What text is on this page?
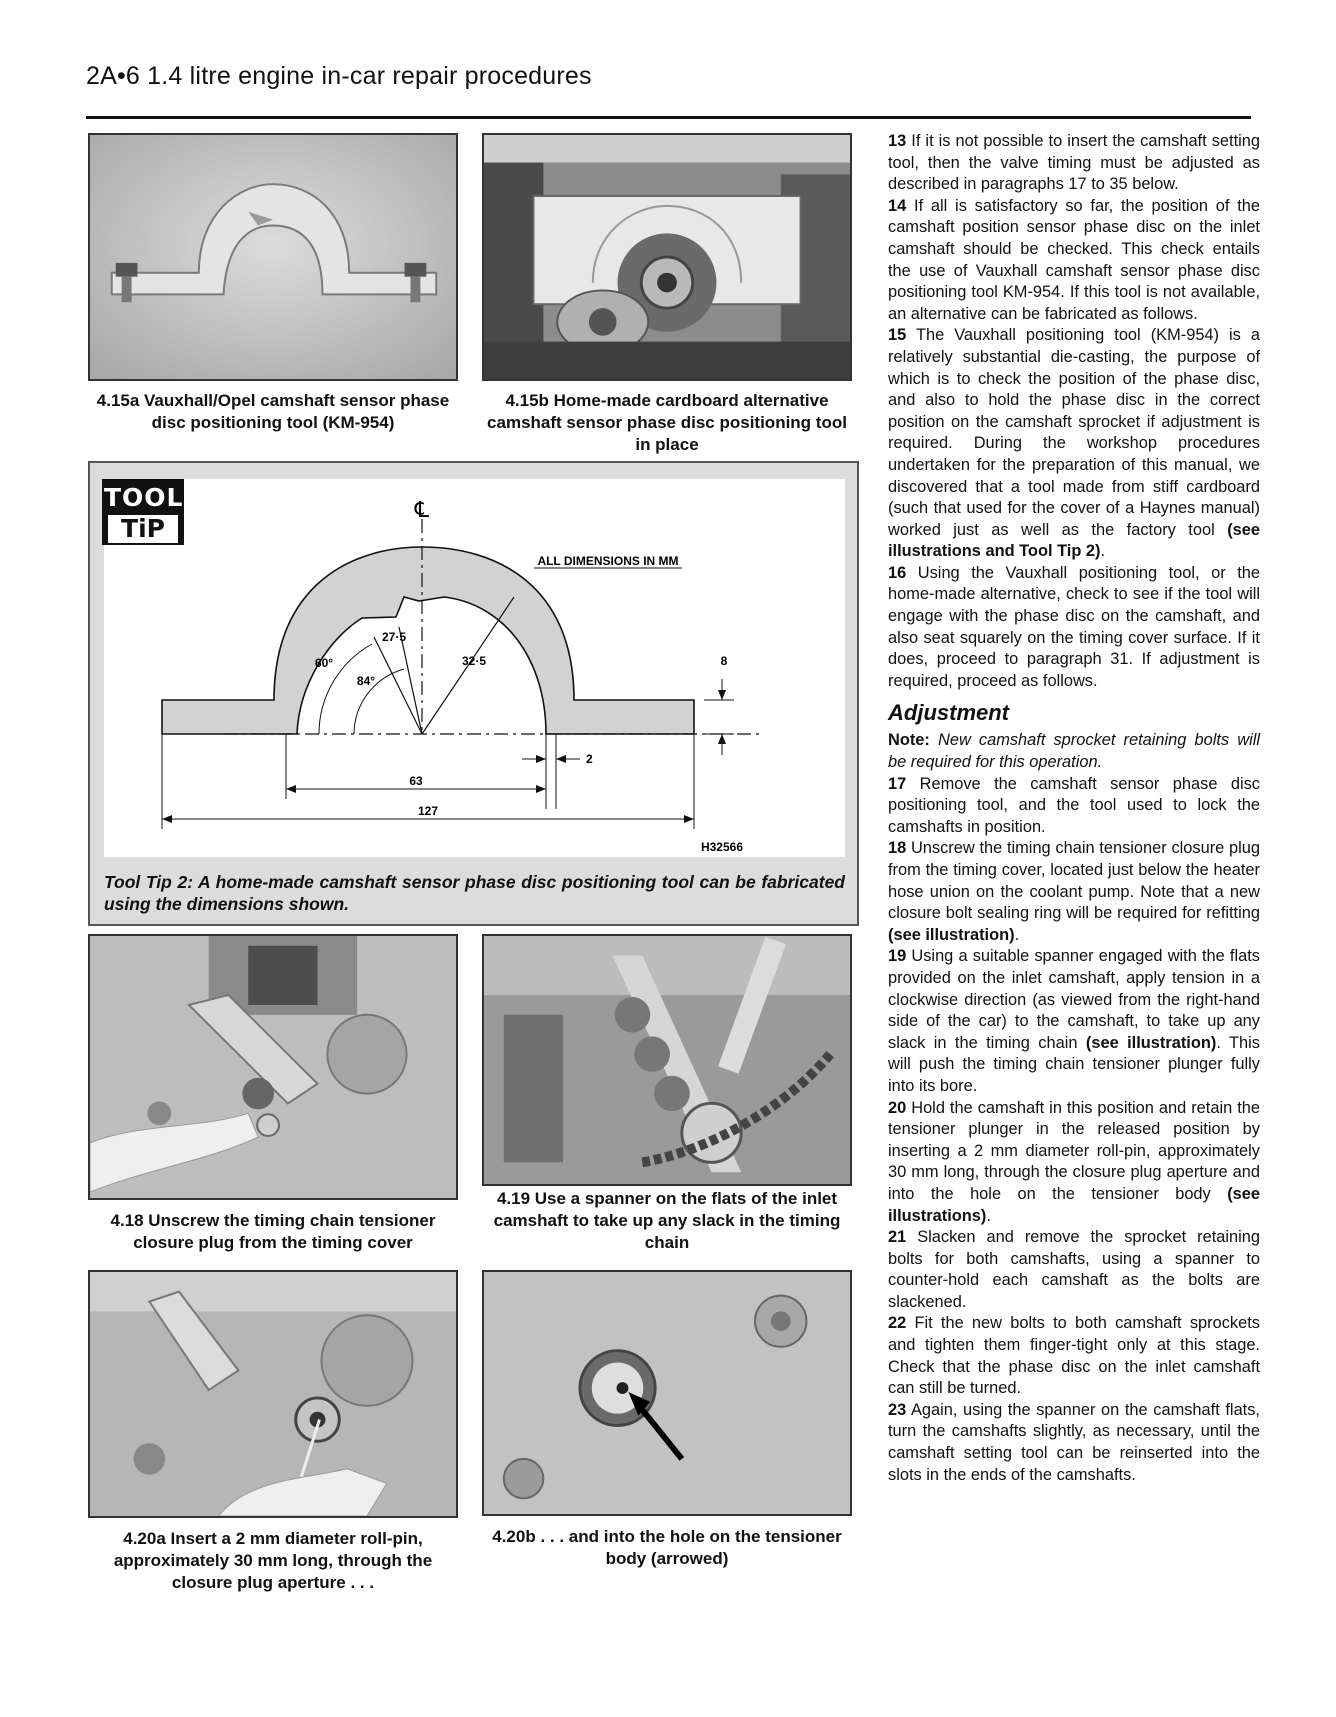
2A•6 1.4 litre engine in-car repair procedures
4.15a Vauxhall/Opel camshaft sensor phase disc positioning tool (KM-954)
4.15b Home-made cardboard alternative camshaft sensor phase disc positioning tool in place
℄
ALL DIMENSIONS IN MM
27·5
32·5
60°
84°
8
2
63
127
H32566
TOOL
TiP
Tool Tip 2: A home-made camshaft sensor phase disc positioning tool can be fabricated using the dimensions shown.
4.18 Unscrew the timing chain tensioner closure plug from the timing cover
4.19 Use a spanner on the flats of the inlet camshaft to take up any slack in the timing chain
4.20a Insert a 2 mm diameter roll-pin, approximately 30 mm long, through the closure plug aperture . . .
4.20b . . . and into the hole on the tensioner body (arrowed)

13 If it is not possible to insert the camshaft setting tool, then the valve timing must be adjusted as described in paragraphs 17 to 35 below.

14 If all is satisfactory so far, the position of the camshaft position sensor phase disc on the inlet camshaft should be checked. This check entails the use of Vauxhall camshaft sensor phase disc positioning tool KM-954. If this tool is not available, an alternative can be fabricated as follows.

15 The Vauxhall positioning tool (KM-954) is a relatively substantial die-casting, the purpose of which is to check the position of the phase disc, and also to hold the phase disc in the correct position on the camshaft sprocket if adjustment is required. During the workshop procedures undertaken for the preparation of this manual, we discovered that a tool made from stiff cardboard (such that used for the cover of a Haynes manual) worked just as well as the factory tool (see illustrations and Tool Tip 2).

16 Using the Vauxhall positioning tool, or the home-made alternative, check to see if the tool will engage with the phase disc on the camshaft, and also seat squarely on the timing cover surface. If it does, proceed to paragraph 31. If adjustment is required, proceed as follows.

Adjustment

Note: New camshaft sprocket retaining bolts will be required for this operation.

17 Remove the camshaft sensor phase disc positioning tool, and the tool used to lock the camshafts in position.

18 Unscrew the timing chain tensioner closure plug from the timing cover, located just below the heater hose union on the coolant pump. Note that a new closure bolt sealing ring will be required for refitting (see illustration).

19 Using a suitable spanner engaged with the flats provided on the inlet camshaft, apply tension in a clockwise direction (as viewed from the right-hand side of the car) to the camshaft, to take up any slack in the timing chain (see illustration). This will push the timing chain tensioner plunger fully into its bore.

20 Hold the camshaft in this position and retain the tensioner plunger in the released position by inserting a 2 mm diameter roll-pin, approximately 30 mm long, through the closure plug aperture and into the hole on the tensioner body (see illustrations).

21 Slacken and remove the sprocket retaining bolts for both camshafts, using a spanner to counter-hold each camshaft as the bolts are slackened.

22 Fit the new bolts to both camshaft sprockets and tighten them finger-tight only at this stage. Check that the phase disc on the inlet camshaft can still be turned.

23 Again, using the spanner on the camshaft flats, turn the camshafts slightly, as necessary, until the camshaft setting tool can be reinserted into the slots in the ends of the camshafts.
